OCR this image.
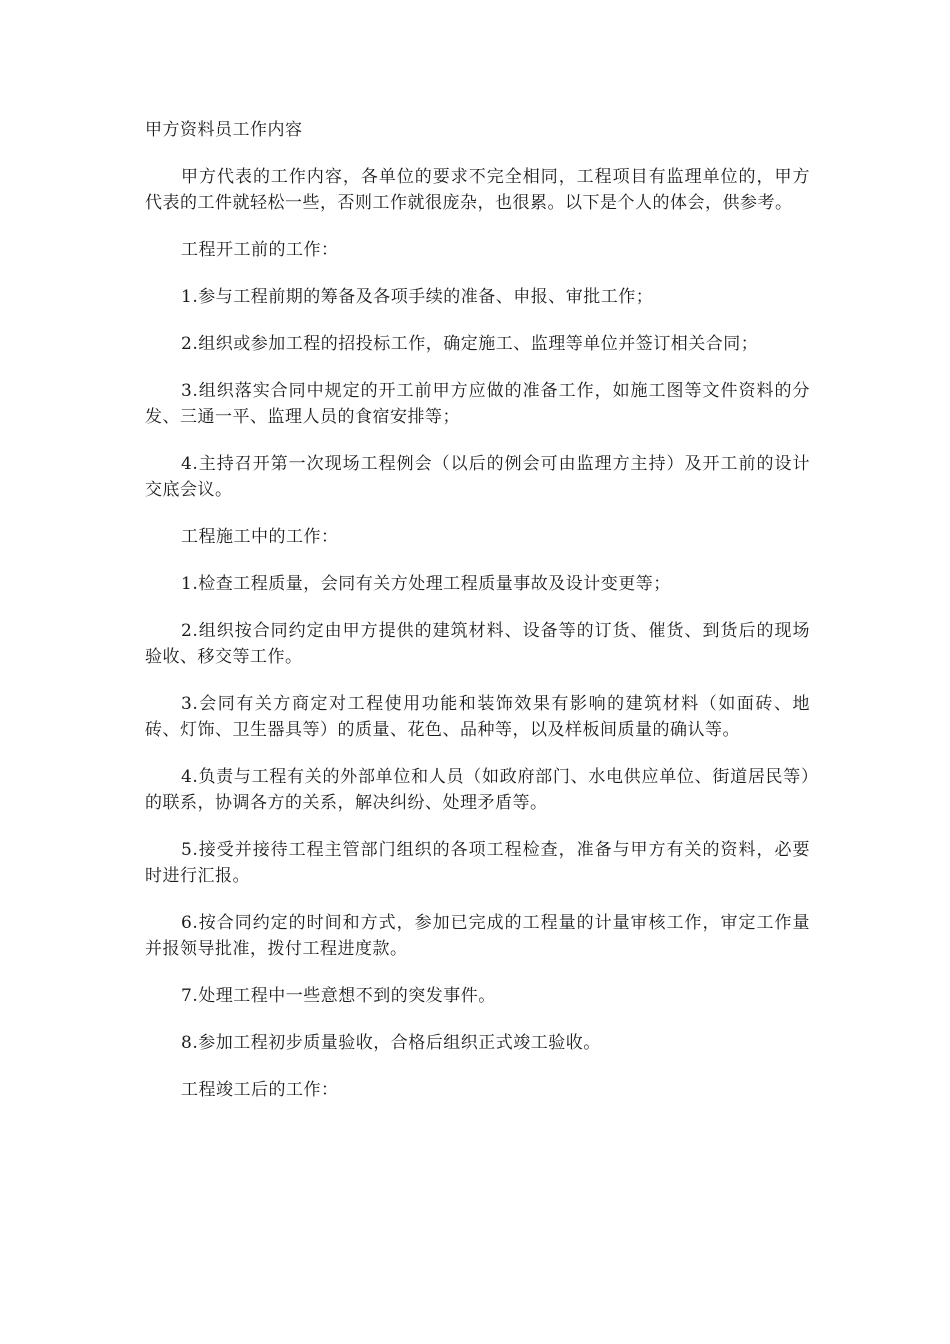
甲方资料员工作内容

甲方代表的工作内容，各单位的要求不完全相同，工程项目有监理单位的，甲方代表的工件就轻松一些，否则工作就很庞杂，也很累。以下是个人的体会，供参考。

工程开工前的工作：

1.参与工程前期的筹备及各项手续的准备、申报、审批工作；

2.组织或参加工程的招投标工作，确定施工、监理等单位并签订相关合同；

3.组织落实合同中规定的开工前甲方应做的准备工作，如施工图等文件资料的分发、三通一平、监理人员的食宿安排等；

4.主持召开第一次现场工程例会（以后的例会可由监理方主持）及开工前的设计交底会议。

工程施工中的工作：

1.检查工程质量，会同有关方处理工程质量事故及设计变更等；

2.组织按合同约定由甲方提供的建筑材料、设备等的订货、催货、到货后的现场验收、移交等工作。

3.会同有关方商定对工程使用功能和装饰效果有影响的建筑材料（如面砖、地砖、灯饰、卫生器具等）的质量、花色、品种等，以及样板间质量的确认等。

4.负责与工程有关的外部单位和人员（如政府部门、水电供应单位、街道居民等）的联系，协调各方的关系，解决纠纷、处理矛盾等。

5.接受并接待工程主管部门组织的各项工程检查，准备与甲方有关的资料，必要时进行汇报。

6.按合同约定的时间和方式，参加已完成的工程量的计量审核工作，审定工作量并报领导批准，拨付工程进度款。

7.处理工程中一些意想不到的突发事件。

8.参加工程初步质量验收，合格后组织正式竣工验收。

工程竣工后的工作：
